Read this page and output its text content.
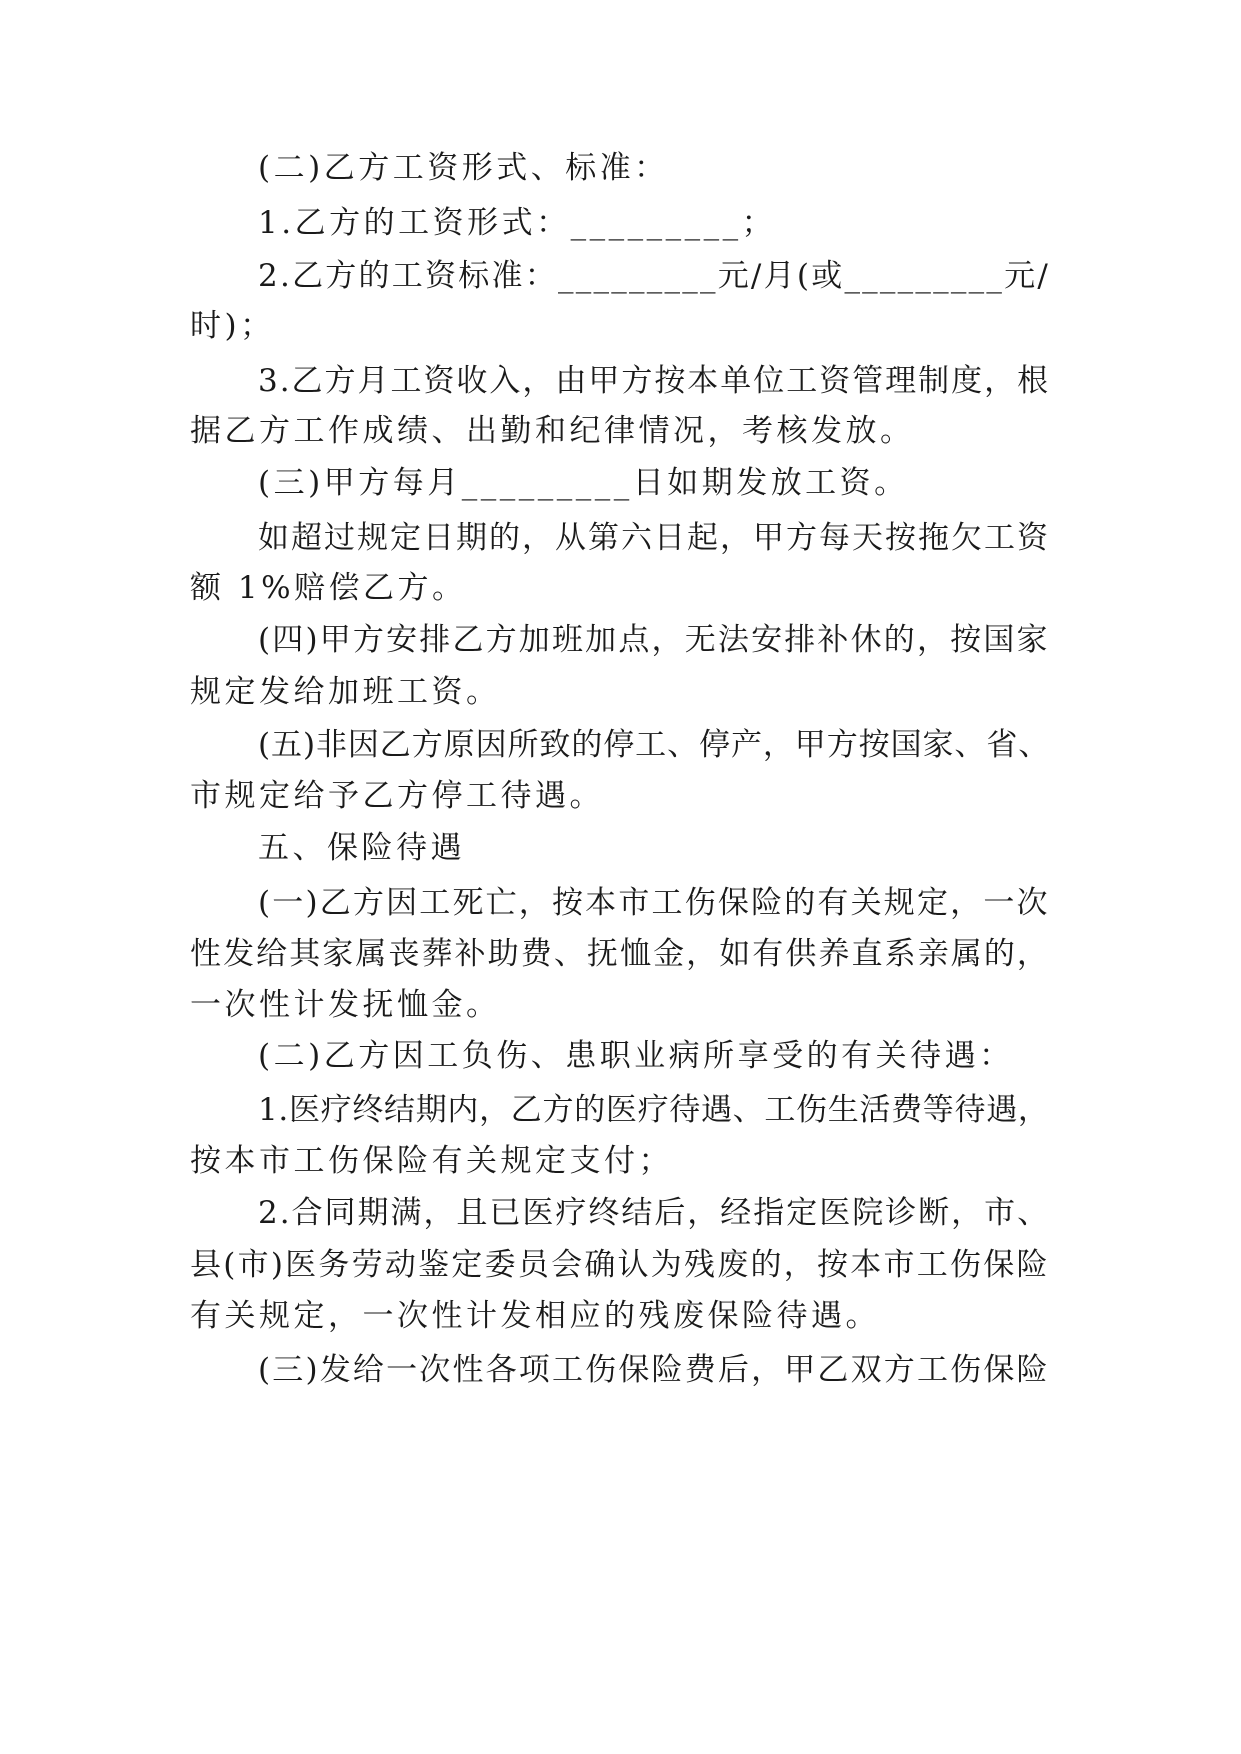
(二)乙方工资形式、标准：
1.乙方的工资形式：_________；
2.乙方的工资标准：_________元/月(或_________元/
时)；
3.乙方月工资收入，由甲方按本单位工资管理制度，根
据乙方工作成绩、出勤和纪律情况，考核发放。
(三)甲方每月_________日如期发放工资。
如超过规定日期的，从第六日起，甲方每天按拖欠工资
额 1%赔偿乙方。
(四)甲方安排乙方加班加点，无法安排补休的，按国家
规定发给加班工资。
(五)非因乙方原因所致的停工、停产，甲方按国家、省、
市规定给予乙方停工待遇。
五、保险待遇
(一)乙方因工死亡，按本市工伤保险的有关规定，一次
性发给其家属丧葬补助费、抚恤金，如有供养直系亲属的，
一次性计发抚恤金。
(二)乙方因工负伤、患职业病所享受的有关待遇：
1.医疗终结期内，乙方的医疗待遇、工伤生活费等待遇，
按本市工伤保险有关规定支付；
2.合同期满，且已医疗终结后，经指定医院诊断，市、
县(市)医务劳动鉴定委员会确认为残废的，按本市工伤保险
有关规定，一次性计发相应的残废保险待遇。
(三)发给一次性各项工伤保险费后，甲乙双方工伤保险
